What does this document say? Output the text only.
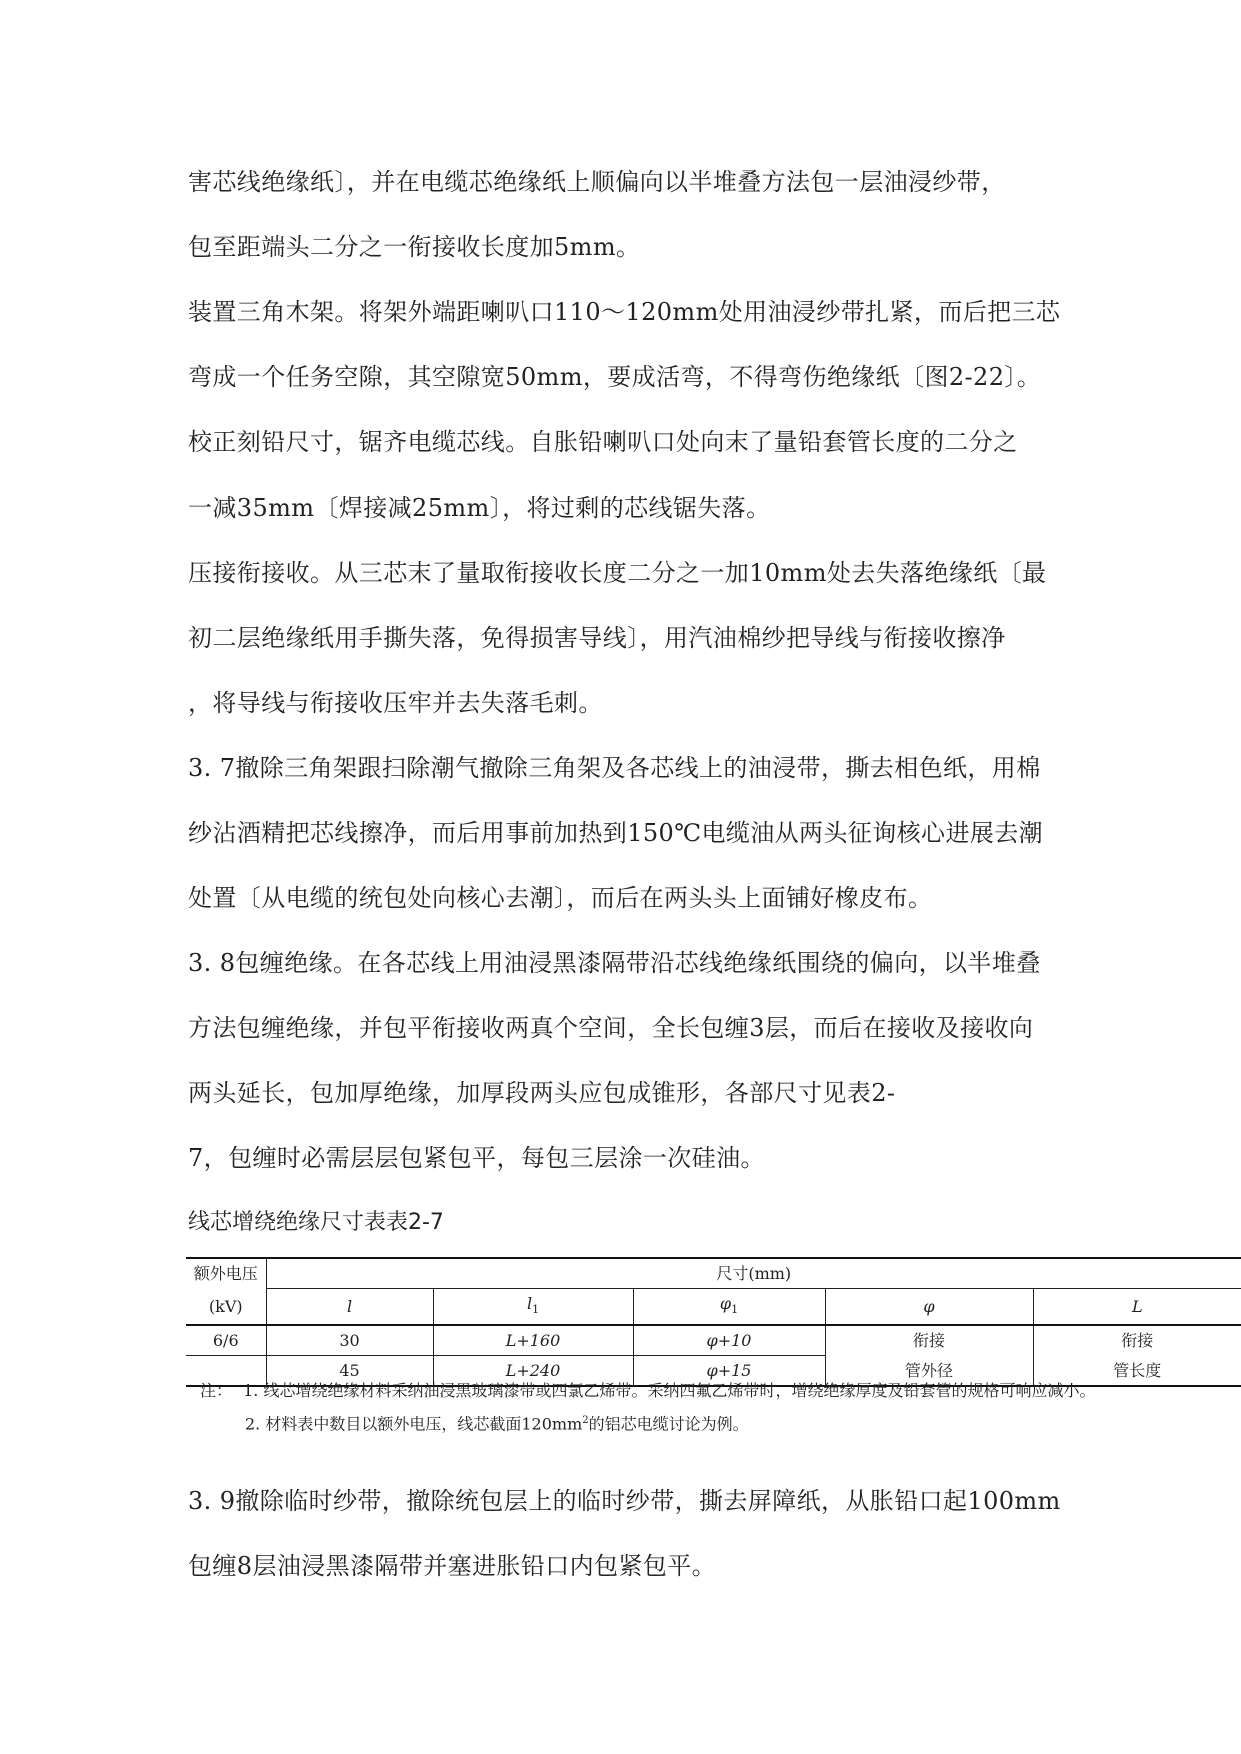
害芯线绝缘纸〕，并在电缆芯绝缘纸上顺偏向以半堆叠方法包一层油浸纱带，
包至距端头二分之一衔接收长度加5mm。
装置三角木架。将架外端距喇叭口110～120mm处用油浸纱带扎紧，而后把三芯
弯成一个任务空隙，其空隙宽50mm，要成活弯，不得弯伤绝缘纸〔图2-22〕。
校正刻铅尺寸，锯齐电缆芯线。自胀铅喇叭口处向末了量铅套管长度的二分之
一减35mm〔焊接减25mm〕，将过剩的芯线锯失落。
压接衔接收。从三芯末了量取衔接收长度二分之一加10mm处去失落绝缘纸〔最
初二层绝缘纸用手撕失落，免得损害导线〕，用汽油棉纱把导线与衔接收擦净
，将导线与衔接收压牢并去失落毛刺。
3. 7撤除三角架跟扫除潮气撤除三角架及各芯线上的油浸带，撕去相色纸，用棉
纱沾酒精把芯线擦净，而后用事前加热到150℃电缆油从两头征询核心进展去潮
处置〔从电缆的统包处向核心去潮〕，而后在两头头上面铺好橡皮布。
3. 8包缠绝缘。在各芯线上用油浸黑漆隔带沿芯线绝缘纸围绕的偏向，以半堆叠
方法包缠绝缘，并包平衔接收两真个空间，全长包缠3层，而后在接收及接收向
两头延长，包加厚绝缘，加厚段两头应包成锥形，各部尺寸见表2-
7，包缠时必需层层包紧包平，每包三层涂一次硅油。
线芯增绕绝缘尺寸表表2-7
额外电压	尺寸(mm)				
(kV)	l	$l_1$	$\varphi_1$	φ	L
6/6	30	L+160	φ+10	衔接	衔接
	45	L+240	φ+15	管外径	管长度
注： 1. 线芯增绕绝缘材料采纳油浸黑玻璃漆带或四氯乙烯带。采纳四氟乙烯带时，增绕绝缘厚度及铅套管的规格可响应减小。
2. 材料表中数目以额外电压，线芯截面$120mm^2$的铝芯电缆讨论为例。
3. 9撤除临时纱带，撤除统包层上的临时纱带，撕去屏障纸，从胀铅口起100mm
包缠8层油浸黑漆隔带并塞进胀铅口内包紧包平。
